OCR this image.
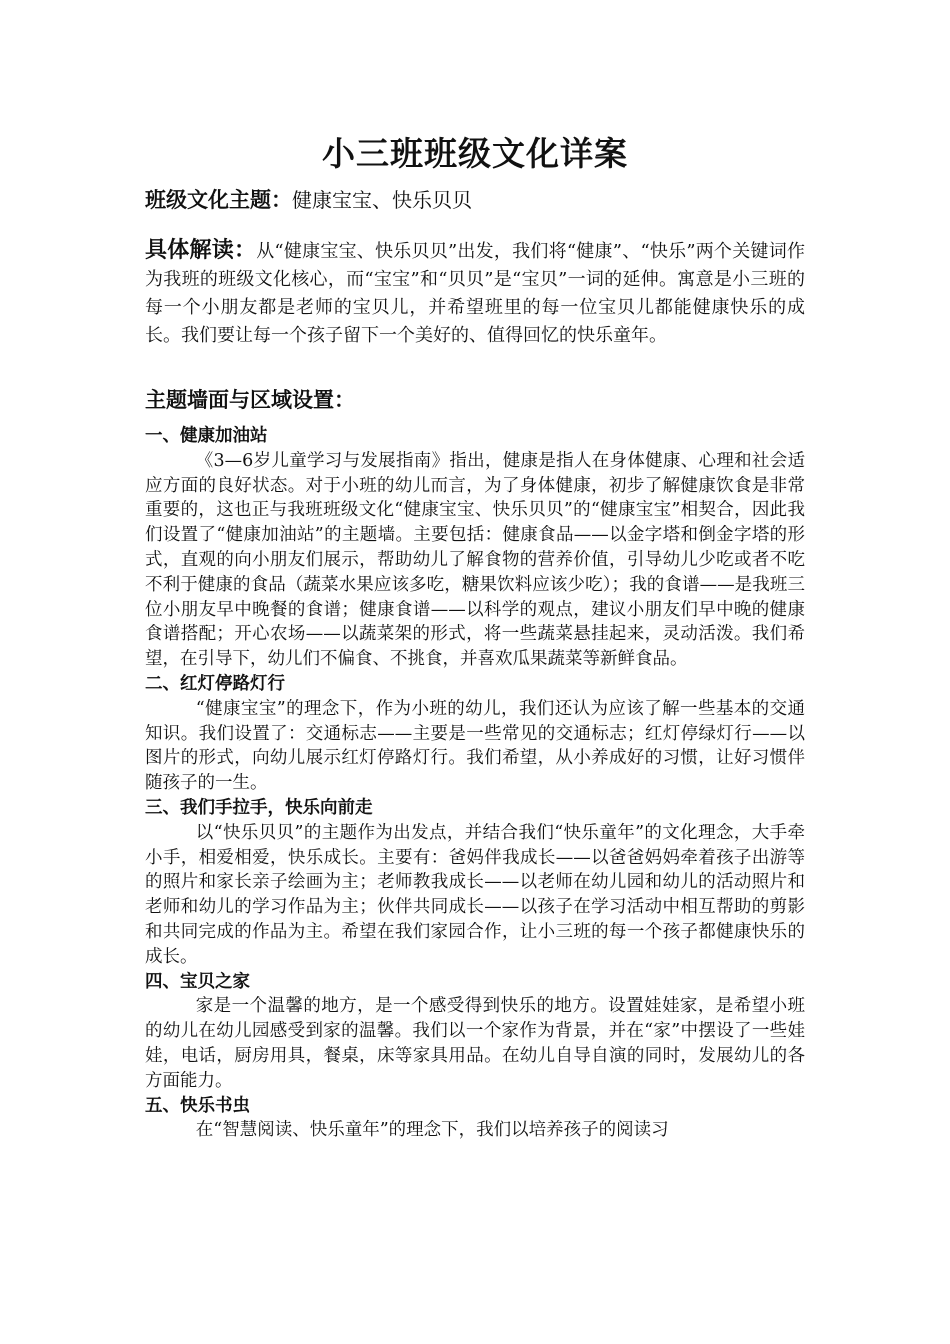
小三班班级文化详案
班级文化主题：健康宝宝、快乐贝贝
具体解读：从“健康宝宝、快乐贝贝”出发，我们将“健康”、“快乐”两个关键词作为我班的班级文化核心，而“宝宝”和“贝贝”是“宝贝”一词的延伸。寓意是小三班的每一个小朋友都是老师的宝贝儿，并希望班里的每一位宝贝儿都能健康快乐的成长。我们要让每一个孩子留下一个美好的、值得回忆的快乐童年。
主题墙面与区域设置：
一、健康加油站
《3—6岁儿童学习与发展指南》指出，健康是指人在身体健康、心理和社会适应方面的良好状态。对于小班的幼儿而言，为了身体健康，初步了解健康饮食是非常重要的，这也正与我班班级文化“健康宝宝、快乐贝贝”的“健康宝宝”相契合，因此我们设置了“健康加油站”的主题墙。主要包括：健康食品——以金字塔和倒金字塔的形式，直观的向小朋友们展示，帮助幼儿了解食物的营养价值，引导幼儿少吃或者不吃不利于健康的食品（蔬菜水果应该多吃，糖果饮料应该少吃）；我的食谱——是我班三位小朋友早中晚餐的食谱；健康食谱——以科学的观点，建议小朋友们早中晚的健康食谱搭配；开心农场——以蔬菜架的形式，将一些蔬菜悬挂起来，灵动活泼。我们希望，在引导下，幼儿们不偏食、不挑食，并喜欢瓜果蔬菜等新鲜食品。
二、红灯停路灯行
“健康宝宝”的理念下，作为小班的幼儿，我们还认为应该了解一些基本的交通知识。我们设置了：交通标志——主要是一些常见的交通标志；红灯停绿灯行——以图片的形式，向幼儿展示红灯停路灯行。我们希望，从小养成好的习惯，让好习惯伴随孩子的一生。
三、我们手拉手，快乐向前走
以“快乐贝贝”的主题作为出发点，并结合我们“快乐童年”的文化理念，大手牵小手，相爱相爱，快乐成长。主要有：爸妈伴我成长——以爸爸妈妈牵着孩子出游等的照片和家长亲子绘画为主；老师教我成长——以老师在幼儿园和幼儿的活动照片和老师和幼儿的学习作品为主；伙伴共同成长——以孩子在学习活动中相互帮助的剪影和共同完成的作品为主。希望在我们家园合作，让小三班的每一个孩子都健康快乐的成长。
四、宝贝之家
家是一个温馨的地方，是一个感受得到快乐的地方。设置娃娃家，是希望小班的幼儿在幼儿园感受到家的温馨。我们以一个家作为背景，并在“家”中摆设了一些娃娃，电话，厨房用具，餐桌，床等家具用品。在幼儿自导自演的同时，发展幼儿的各方面能力。
五、快乐书虫
在“智慧阅读、快乐童年”的理念下，我们以培养孩子的阅读习
